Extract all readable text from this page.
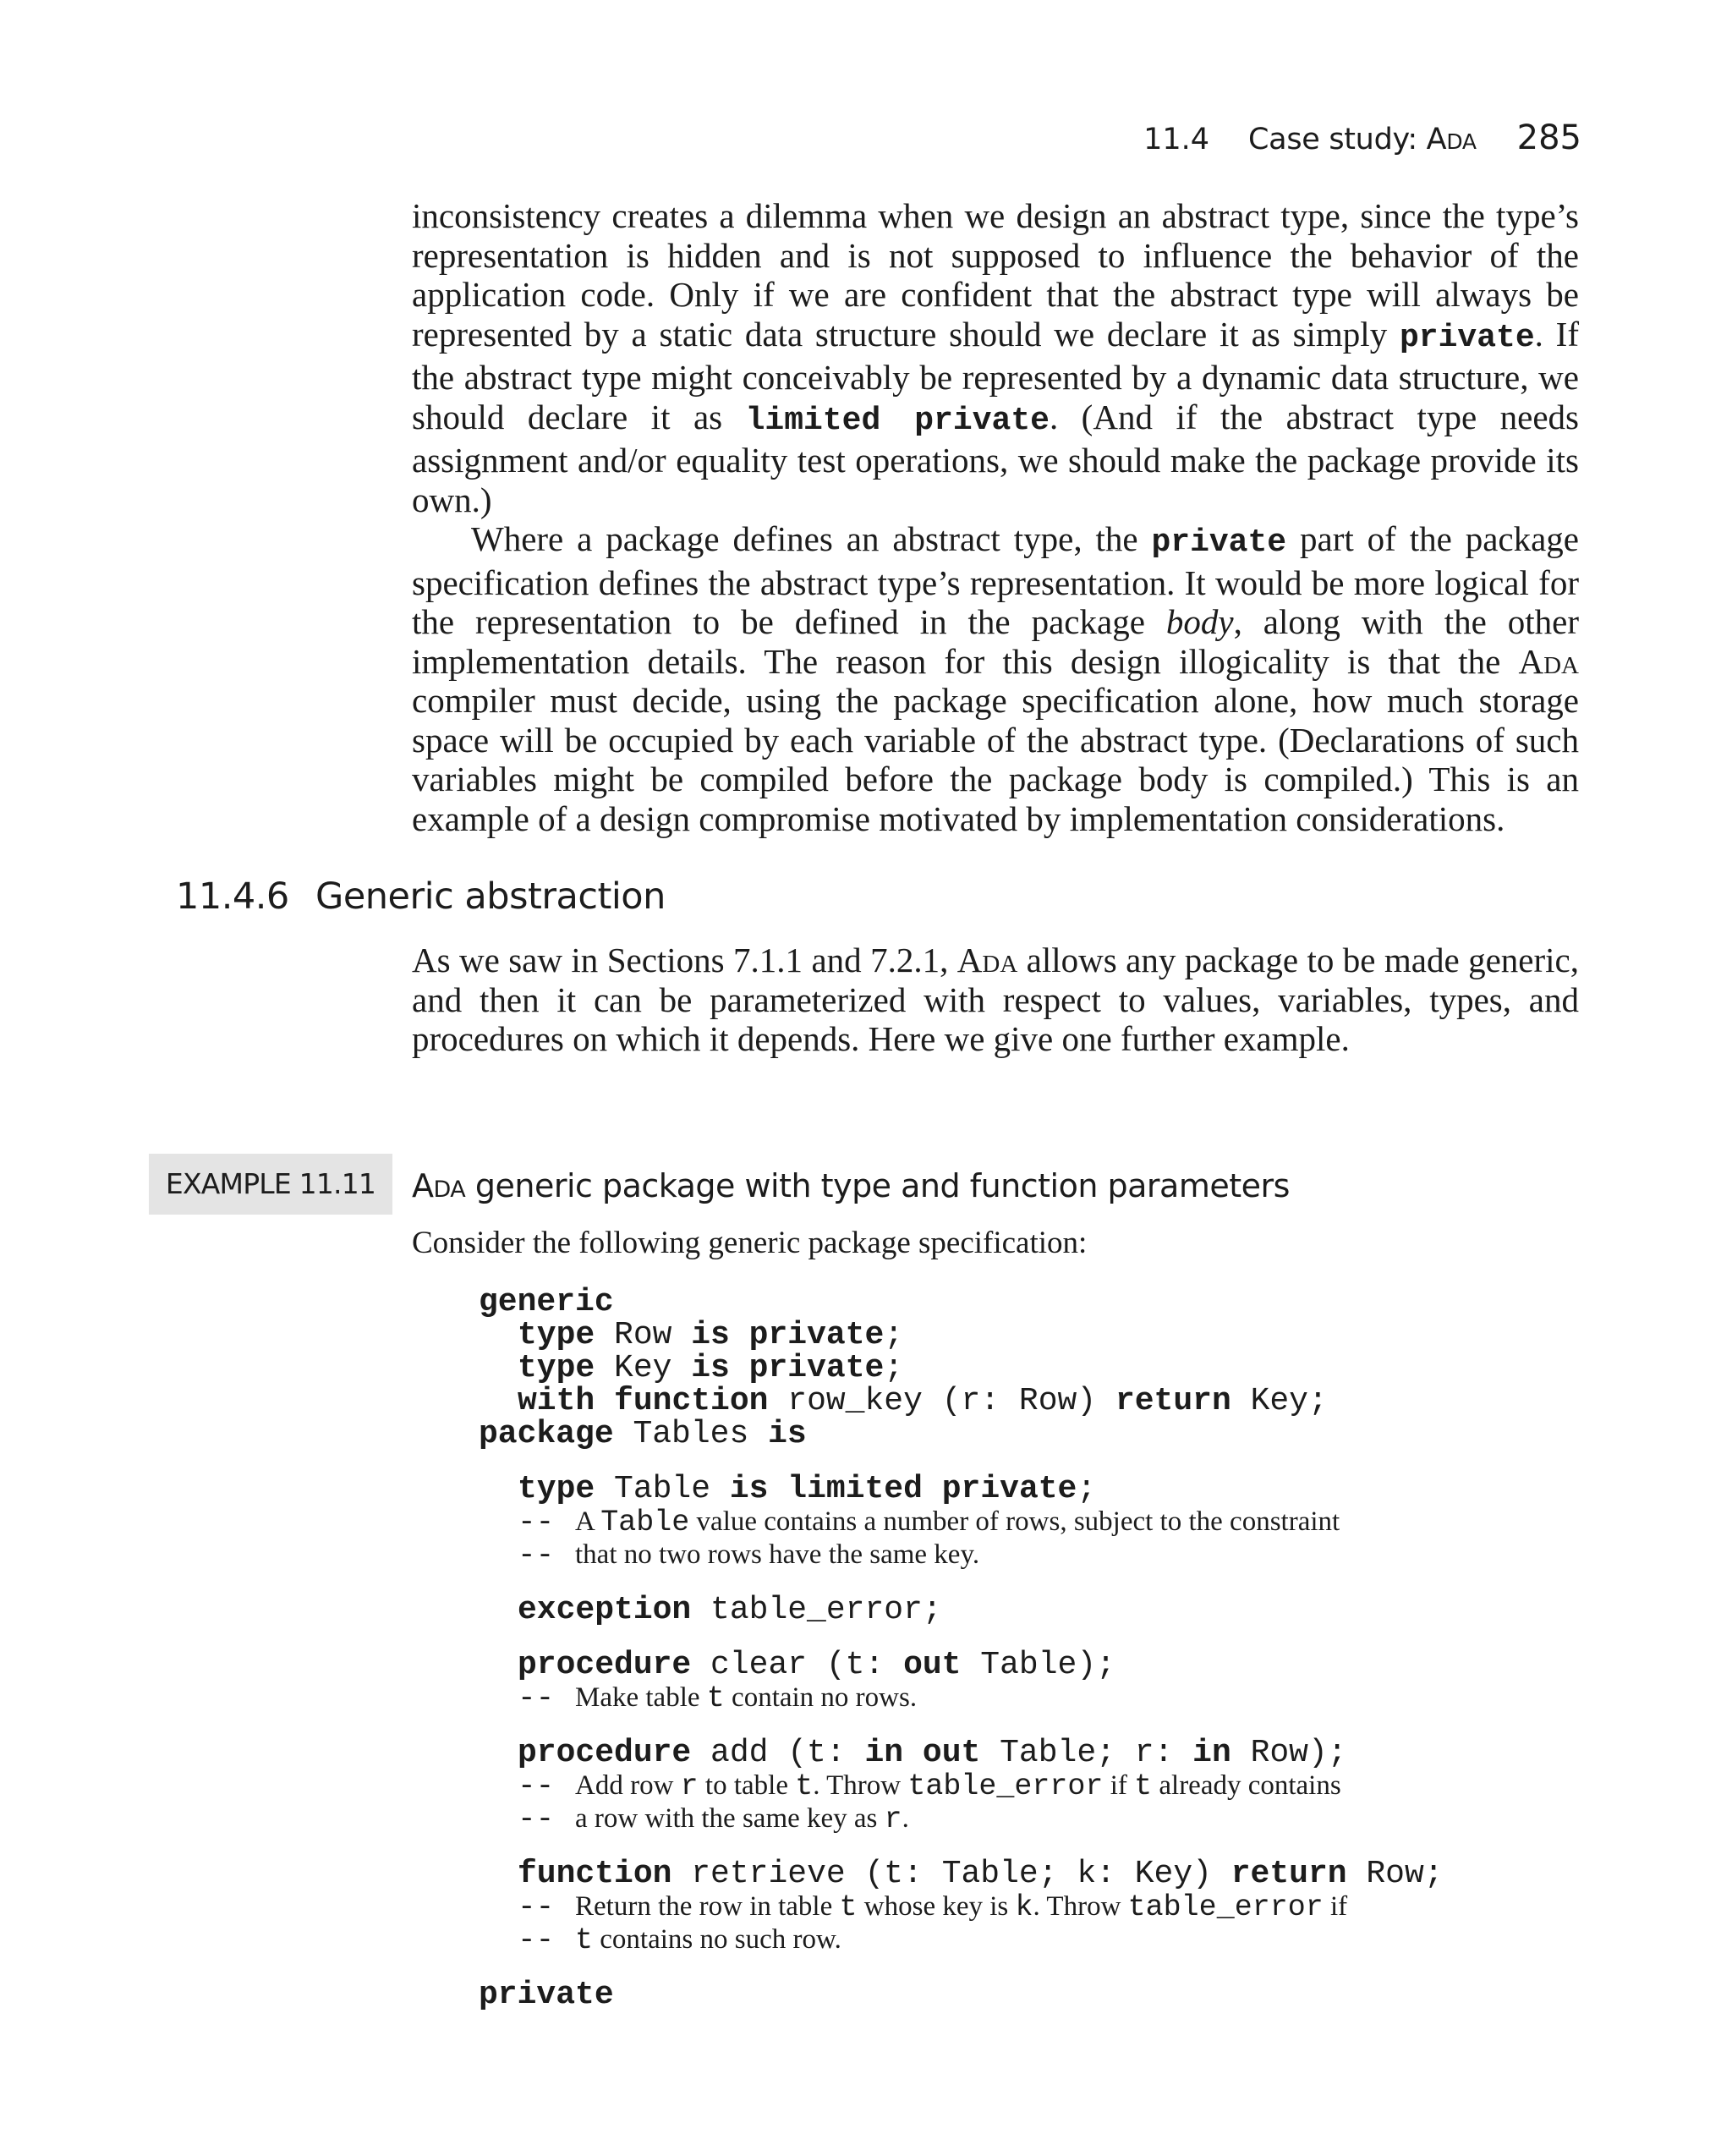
11.4 Case study: Ada 285

inconsistency creates a dilemma when we design an abstract type, since the type’s representation is hidden and is not supposed to influence the behavior of the application code. Only if we are confident that the abstract type will always be represented by a static data structure should we declare it as simply private. If the abstract type might conceivably be represented by a dynamic data structure, we should declare it as limited private. (And if the abstract type needs assignment and/or equality test operations, we should make the package provide its own.)

Where a package defines an abstract type, the private part of the package specification defines the abstract type’s representation. It would be more logical for the representation to be defined in the package body, along with the other implementation details. The reason for this design illogicality is that the Ada compiler must decide, using the package specification alone, how much storage space will be occupied by each variable of the abstract type. (Declarations of such variables might be compiled before the package body is compiled.) This is an example of a design compromise motivated by implementation considerations.

11.4.6 Generic abstraction

As we saw in Sections 7.1.1 and 7.2.1, Ada allows any package to be made generic, and then it can be parameterized with respect to values, variables, types, and procedures on which it depends. Here we give one further example.

EXAMPLE 11.11	Ada generic package with type and function parameters
Consider the following generic package specification:
generic
type Row is private;
type Key is private;
with function row_key (r: Row) return Key;
package Tables is
type Table is limited private;
-- A Table value contains a number of rows, subject to the constraint
-- that no two rows have the same key.
exception table_error;
procedure clear (t: out Table);
-- Make table t contain no rows.
procedure add (t: in out Table; r: in Row);
-- Add row r to table t. Throw table_error if t already contains
-- a row with the same key as r.
function retrieve (t: Table; k: Key) return Row;
-- Return the row in table t whose key is k. Throw table_error if
-- t contains no such row.
private
